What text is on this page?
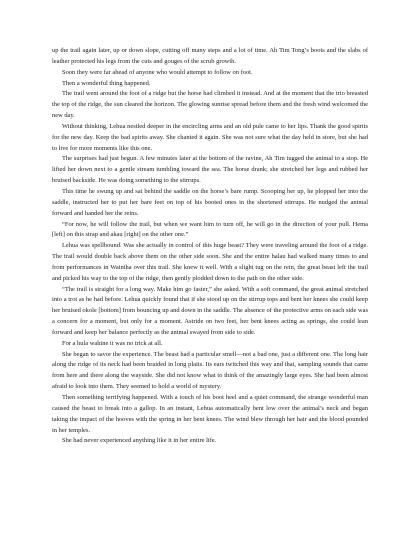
up the trail again later, up or down slope, cutting off many steps and a lot of time. Ah Tim Tong’s boots and the slabs of leather protected his legs from the cuts and gouges of the scrub growth.

Soon they were far ahead of anyone who would attempt to follow on foot.

Then a wonderful thing happened.

The trail went around the foot of a ridge but the horse had climbed it instead. And at the moment that the trio breasted the top of the ridge, the sun cleared the horizon. The glowing sunrise spread before them and the fresh wind welcomed the new day.

Without thinking, Lehua nestled deeper in the encircling arms and an old pule came to her lips. Thank the good spirits for the new day. Keep the bad spirits away. She chanted it again. She was not sure what the day held in store, but she had to live for more moments like this one.

The surprises had just begun. A few minutes later at the bottom of the ravine, Ah Tim tugged the animal to a stop. He lifted her down next to a gentle stream tumbling toward the sea. The horse drank; she stretched her legs and rubbed her bruised backside. He was doing something to the stirrups.

This time he swung up and sat behind the saddle on the horse’s bare rump. Scooping her up, he plopped her into the saddle, instructed her to put her bare feet on top of his booted ones in the shortened stirrups. He nudged the animal forward and handed her the reins.

“For now, he will follow the trail, but when we want him to turn off, he will go in the direction of your pull. Hema [left] on this strap and akau [right] on the other one.”

Lehua was spellbound. Was she actually in control of this huge beast? They were traveling around the foot of a ridge. The trail would double back above them on the other side soon. She and the entire halau had walked many times to and from performances in Wainiha over this trail. She knew it well. With a slight tug on the rein, the great beast left the trail and picked his way to the top of the ridge, then gently plodded down to the path on the other side.

“The trail is straight for a long way. Make him go faster,” she asked. With a soft command, the great animal stretched into a trot as he had before. Lehua quickly found that if she stood up on the stirrup tops and bent her knees she could keep her bruised okole [bottom] from bouncing up and down in the saddle. The absence of the protective arms on each side was a concern for a moment, but only for a moment. Astride on two feet, her bent knees acting as springs, she could lean forward and keep her balance perfectly as the animal swayed from side to side.

For a hula wahine it was no trick at all.

She began to savor the experience. The beast had a particular smell—not a bad one, just a different one. The long hair along the ridge of its neck had been braided in long plaits. Its ears twitched this way and that, sampling sounds that came from here and there along the wayside. She did not know what to think of the amazingly large eyes. She had been almost afraid to look into them. They seemed to hold a world of mystery.

Then something terrifying happened. With a touch of his boot heel and a quiet command, the strange wonderful man caused the beast to break into a gallop. In an instant, Lehua automatically bent low over the animal’s neck and began taking the impact of the hooves with the spring in her bent knees. The wind blew through her hair and the blood pounded in her temples.

She had never experienced anything like it in her entire life.
